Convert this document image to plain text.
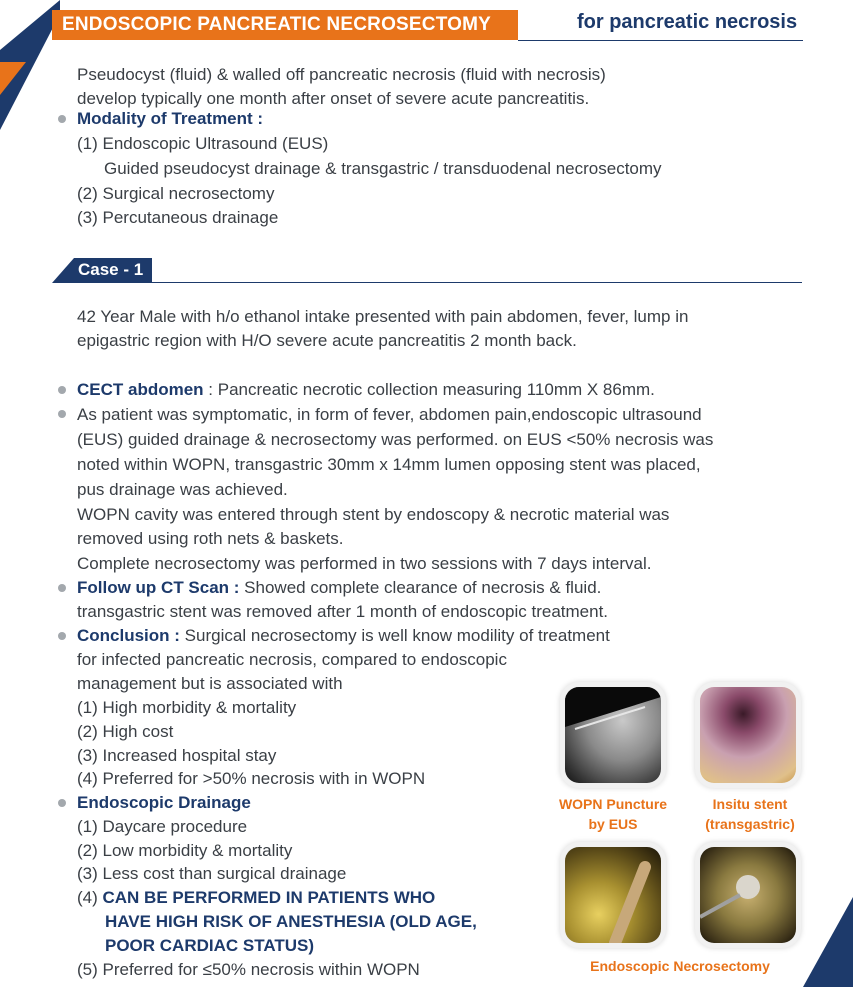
ENDOSCOPIC PANCREATIC NECROSECTOMY	for pancreatic necrosis
Pseudocyst (fluid) & walled off pancreatic necrosis (fluid with necrosis)
develop typically one month after onset of severe acute pancreatitis.
Modality of Treatment :
(1) Endoscopic Ultrasound (EUS)
Guided pseudocyst drainage & transgastric / transduodenal necrosectomy
(2) Surgical necrosectomy
(3) Percutaneous drainage
Case - 1
42 Year Male with h/o ethanol intake presented with pain abdomen, fever, lump in
epigastric region with H/O severe acute pancreatitis 2 month back.
CECT abdomen : Pancreatic necrotic collection measuring 110mm X 86mm.
As patient was symptomatic, in form of fever, abdomen pain,endoscopic ultrasound
(EUS) guided drainage & necrosectomy was performed. on EUS <50% necrosis was
noted within WOPN, transgastric 30mm x 14mm lumen opposing stent was placed,
pus drainage was achieved.
WOPN cavity was entered through stent by endoscopy & necrotic material was
removed using roth nets & baskets.
Complete necrosectomy was performed in two sessions with 7 days interval.
Follow up CT Scan : Showed complete clearance of necrosis & fluid.
transgastric stent was removed after 1 month of endoscopic treatment.
Conclusion : Surgical necrosectomy is well know modility of treatment
for infected pancreatic necrosis, compared to endoscopic
management but is associated with
(1) High morbidity & mortality
(2) High cost
(3) Increased hospital stay
(4) Preferred for >50% necrosis with in WOPN
Endoscopic Drainage
(1) Daycare procedure
(2) Low morbidity & mortality
(3) Less cost than surgical drainage
(4) CAN BE PERFORMED IN PATIENTS WHO
HAVE HIGH RISK OF ANESTHESIA (OLD AGE,
POOR CARDIAC STATUS)
(5) Preferred for ≤50% necrosis within WOPN
WOPN Puncture
by EUS
Insitu stent
(transgastric)
Endoscopic Necrosectomy
